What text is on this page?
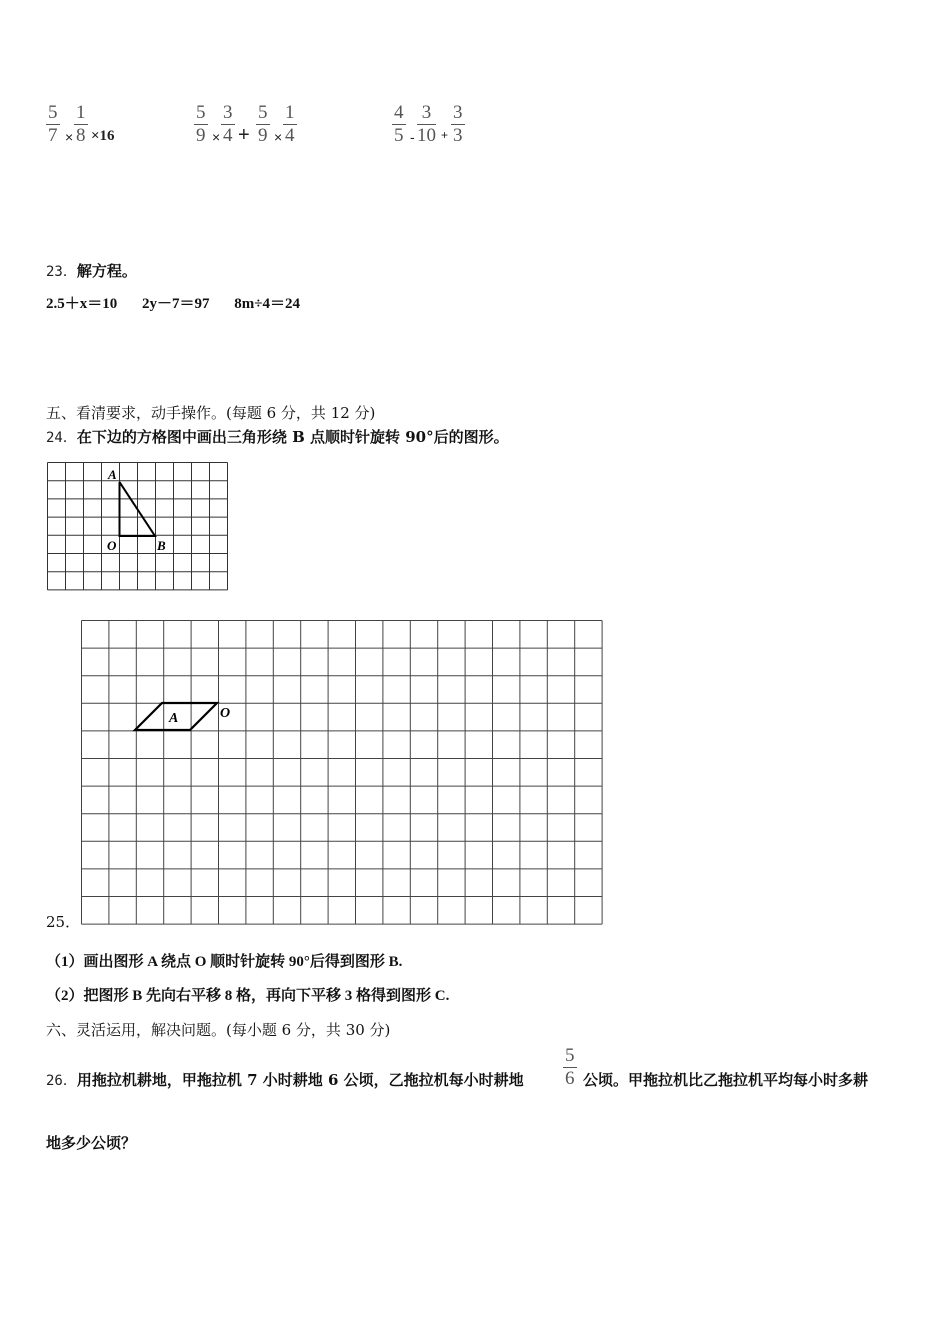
$\frac{5}{7} \times \frac{1}{8} \times 16$	$\frac{5}{9} \times \frac{3}{4} + \frac{5}{9} \times \frac{1}{4}$	$\frac{4}{5} - \frac{3}{10} + \frac{3}{3}$
23．解方程。
2.5＋x＝10　 2y－7＝97　 8m÷4＝24
五、看清要求，动手操作。(每题 6 分，共 12 分)
24．在下边的方格图中画出三角形绕 B 点顺时针旋转 90°后的图形。
A
O	B
25．
A	O
（1）画出图形 A 绕点 O 顺时针旋转 90°后得到图形 B.
（2）把图形 B 先向右平移 8 格，再向下平移 3 格得到图形 C.
六、灵活运用，解决问题。(每小题 6 分，共 30 分)
26．用拖拉机耕地，甲拖拉机 7 小时耕地 6 公顷，乙拖拉机每小时耕地 $\frac{5}{6}$ 公顷。甲拖拉机比乙拖拉机平均每小时多耕
地多少公顷？
